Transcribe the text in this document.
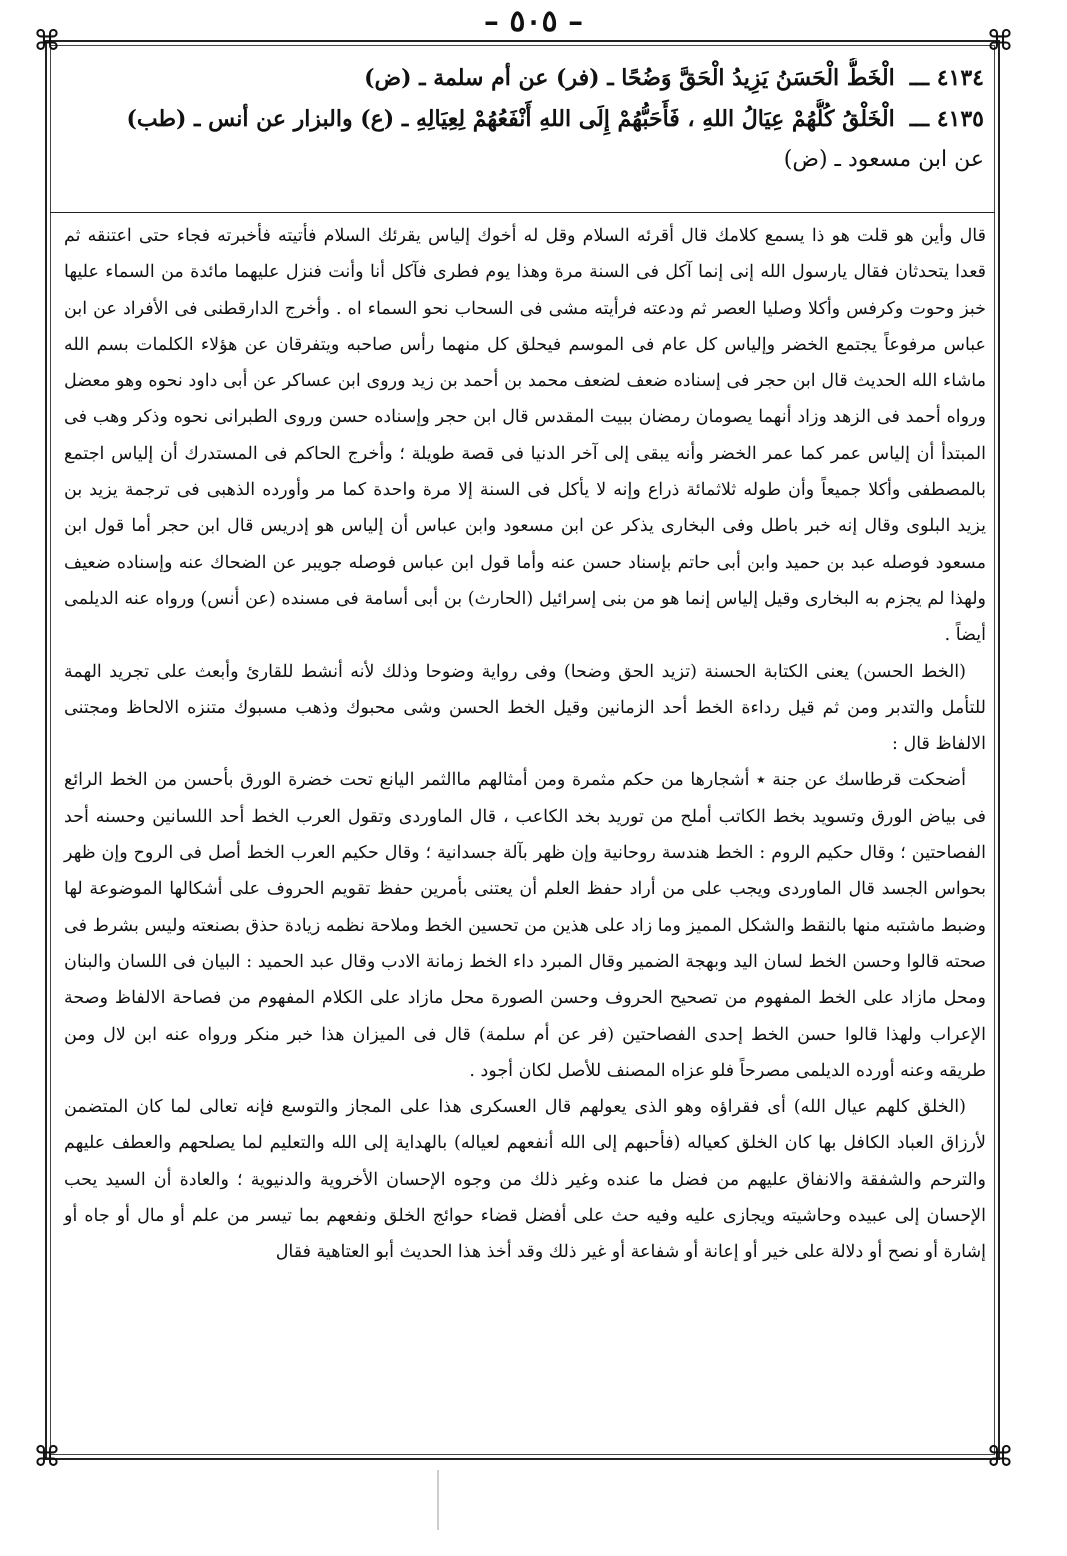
– ٥٠٥ –
⌘	⌘
⌘	⌘

٤١٣٤ ـــ الْخَطُّ الْحَسَنُ يَزِيدُ الْحَقَّ وَضُحًا ـ (فر) عن أم سلمة ـ (ض)

٤١٣٥ ـــ الْخَلْقُ كُلُّهُمْ عِيَالُ اللهِ ، فَأَحَبُّهُمْ إِلَى اللهِ أَنْفَعُهُمْ لِعِيَالِهِ ـ (ع) والبزار عن أنس ـ (طب)

عن ابن مسعود ـ (ض)

قال وأين هو قلت هو ذا يسمع كلامك قال أقرئه السلام وقل له أخوك إلياس يقرئك السلام فأتيته فأخبرته فجاء حتى اعتنقه ثم قعدا يتحدثان فقال يارسول الله إنى إنما آكل فى السنة مرة وهذا يوم فطرى فآكل أنا وأنت فنزل عليهما مائدة من السماء عليها خبز وحوت وكرفس وأكلا وصليا العصر ثم ودعته فرأيته مشى فى السحاب نحو السماء اه . وأخرج الدارقطنى فى الأفراد عن ابن عباس مرفوعاً يجتمع الخضر وإلياس كل عام فى الموسم فيحلق كل منهما رأس صاحبه ويتفرقان عن هؤلاء الكلمات بسم الله ماشاء الله الحديث قال ابن حجر فى إسناده ضعف لضعف محمد بن أحمد بن زيد وروى ابن عساكر عن أبى داود نحوه وهو معضل ورواه أحمد فى الزهد وزاد أنهما يصومان رمضان ببيت المقدس قال ابن حجر وإسناده حسن وروى الطبرانى نحوه وذكر وهب فى المبتدأ أن إلياس عمر كما عمر الخضر وأنه يبقى إلى آخر الدنيا فى قصة طويلة ؛ وأخرج الحاكم فى المستدرك أن إلياس اجتمع بالمصطفى وأكلا جميعاً وأن طوله ثلاثمائة ذراع وإنه لا يأكل فى السنة إلا مرة واحدة كما مر وأورده الذهبى فى ترجمة يزيد بن يزيد البلوى وقال إنه خبر باطل وفى البخارى يذكر عن ابن مسعود وابن عباس أن إلياس هو إدريس قال ابن حجر أما قول ابن مسعود فوصله عبد بن حميد وابن أبى حاتم بإسناد حسن عنه وأما قول ابن عباس فوصله جويبر عن الضحاك عنه وإسناده ضعيف ولهذا لم يجزم به البخارى وقيل إلياس إنما هو من بنى إسرائيل (الحارث) بن أبى أسامة فى مسنده (عن أنس) ورواه عنه الديلمى أيضاً .

(الخط الحسن) يعنى الكتابة الحسنة (تزيد الحق وضحا) وفى رواية وضوحا وذلك لأنه أنشط للقارئ وأبعث على تجريد الهمة للتأمل والتدبر ومن ثم قيل رداءة الخط أحد الزمانين وقيل الخط الحسن وشى محبوك وذهب مسبوك متنزه الالحاظ ومجتنى الالفاظ قال :

أضحكت قرطاسك عن جنة ٭ أشجارها من حكم مثمرة ومن أمثالهم ماالثمر اليانع تحت خضرة الورق بأحسن من الخط الرائع فى بياض الورق وتسويد بخط الكاتب أملح من توريد بخد الكاعب ، قال الماوردى وتقول العرب الخط أحد اللسانين وحسنه أحد الفصاحتين ؛ وقال حكيم الروم : الخط هندسة روحانية وإن ظهر بآلة جسدانية ؛ وقال حكيم العرب الخط أصل فى الروح وإن ظهر بحواس الجسد قال الماوردى ويجب على من أراد حفظ العلم أن يعتنى بأمرين حفظ تقويم الحروف على أشكالها الموضوعة لها وضبط ماشتبه منها بالنقط والشكل المميز وما زاد على هذين من تحسين الخط وملاحة نظمه زيادة حذق بصنعته وليس بشرط فى صحته قالوا وحسن الخط لسان اليد وبهجة الضمير وقال المبرد داء الخط زمانة الادب وقال عبد الحميد : البيان فى اللسان والبنان ومحل مازاد على الخط المفهوم من تصحيح الحروف وحسن الصورة محل مازاد على الكلام المفهوم من فصاحة الالفاظ وصحة الإعراب ولهذا قالوا حسن الخط إحدى الفصاحتين (فر عن أم سلمة) قال فى الميزان هذا خبر منكر ورواه عنه ابن لال ومن طريقه وعنه أورده الديلمى مصرحاً فلو عزاه المصنف للأصل لكان أجود .

(الخلق كلهم عيال الله) أى فقراؤه وهو الذى يعولهم قال العسكرى هذا على المجاز والتوسع فإنه تعالى لما كان المتضمن لأرزاق العباد الكافل بها كان الخلق كعياله (فأحبهم إلى الله أنفعهم لعياله) بالهداية إلى الله والتعليم لما يصلحهم والعطف عليهم والترحم والشفقة والانفاق عليهم من فضل ما عنده وغير ذلك من وجوه الإحسان الأخروية والدنيوية ؛ والعادة أن السيد يحب الإحسان إلى عبيده وحاشيته ويجازى عليه وفيه حث على أفضل قضاء حوائج الخلق ونفعهم بما تيسر من علم أو مال أو جاه أو إشارة أو نصح أو دلالة على خير أو إعانة أو شفاعة أو غير ذلك وقد أخذ هذا الحديث أبو العتاهية فقال
